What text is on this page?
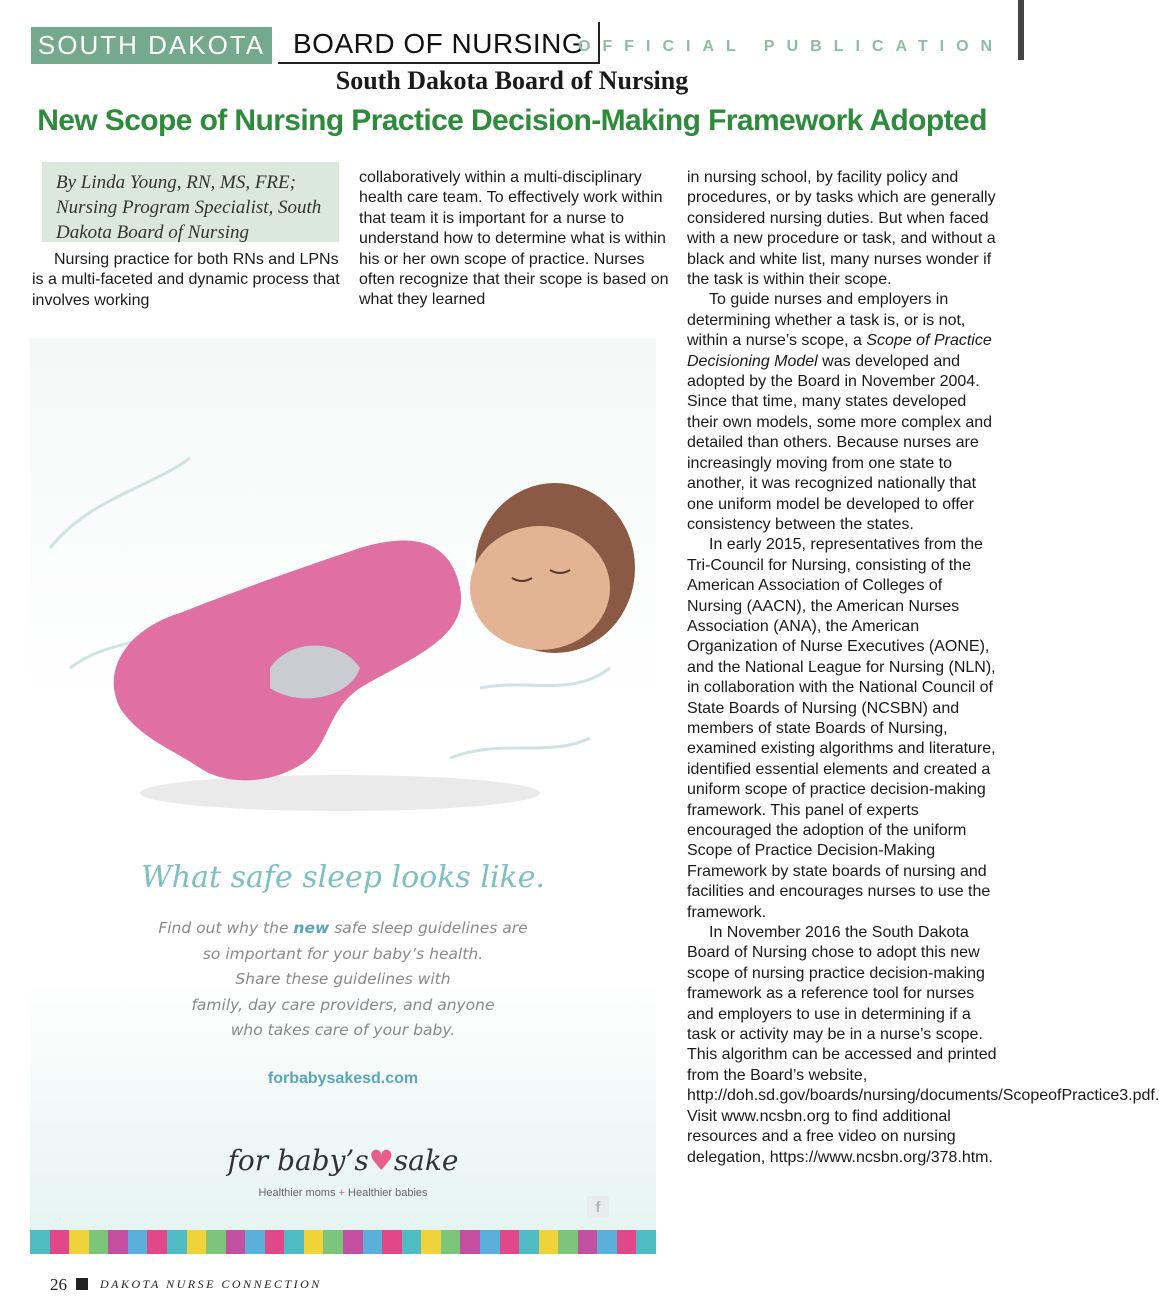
SOUTH DAKOTA BOARD OF NURSING
OFFICIAL PUBLICATION
South Dakota Board of Nursing
New Scope of Nursing Practice Decision-Making Framework Adopted

By Linda Young, RN, MS, FRE; Nursing Program Specialist, South Dakota Board of Nursing

Nursing practice for both RNs and LPNs is a multi-faceted and dynamic process that involves working

collaboratively within a multi-disciplinary health care team. To effectively work within that team it is important for a nurse to understand how to determine what is within his or her own scope of practice. Nurses often recognize that their scope is based on what they learned

in nursing school, by facility policy and procedures, or by tasks which are generally considered nursing duties. But when faced with a new procedure or task, and without a black and white list, many nurses wonder if the task is within their scope.

To guide nurses and employers in determining whether a task is, or is not, within a nurse’s scope, a Scope of Practice Decisioning Model was developed and adopted by the Board in November 2004. Since that time, many states developed their own models, some more complex and detailed than others. Because nurses are increasingly moving from one state to another, it was recognized nationally that one uniform model be developed to offer consistency between the states.

In early 2015, representatives from the Tri-Council for Nursing, consisting of the American Association of Colleges of Nursing (AACN), the American Nurses Association (ANA), the American Organization of Nurse Executives (AONE), and the National League for Nursing (NLN), in collaboration with the National Council of State Boards of Nursing (NCSBN) and members of state Boards of Nursing, examined existing algorithms and literature, identified essential elements and created a uniform scope of practice decision-making framework. This panel of experts encouraged the adoption of the uniform Scope of Practice Decision-Making Framework by state boards of nursing and facilities and encourages nurses to use the framework.

In November 2016 the South Dakota Board of Nursing chose to adopt this new scope of nursing practice decision-making framework as a reference tool for nurses and employers to use in determining if a task or activity may be in a nurse’s scope. This algorithm can be accessed and printed from the Board’s website, http://doh.sd.gov/boards/nursing/documents/ScopeofPractice3.pdf. Visit www.ncsbn.org to find additional resources and a free video on nursing delegation, https://www.ncsbn.org/378.htm.

What safe sleep looks like.
Find out why the new safe sleep guidelines are
so important for your baby’s health.
Share these guidelines with
family, day care providers, and anyone
who takes care of your baby.
forbabysakesd.com
for baby’s♥sake
Healthier moms + Healthier babies
f
26	DAKOTA NURSE CONNECTION
